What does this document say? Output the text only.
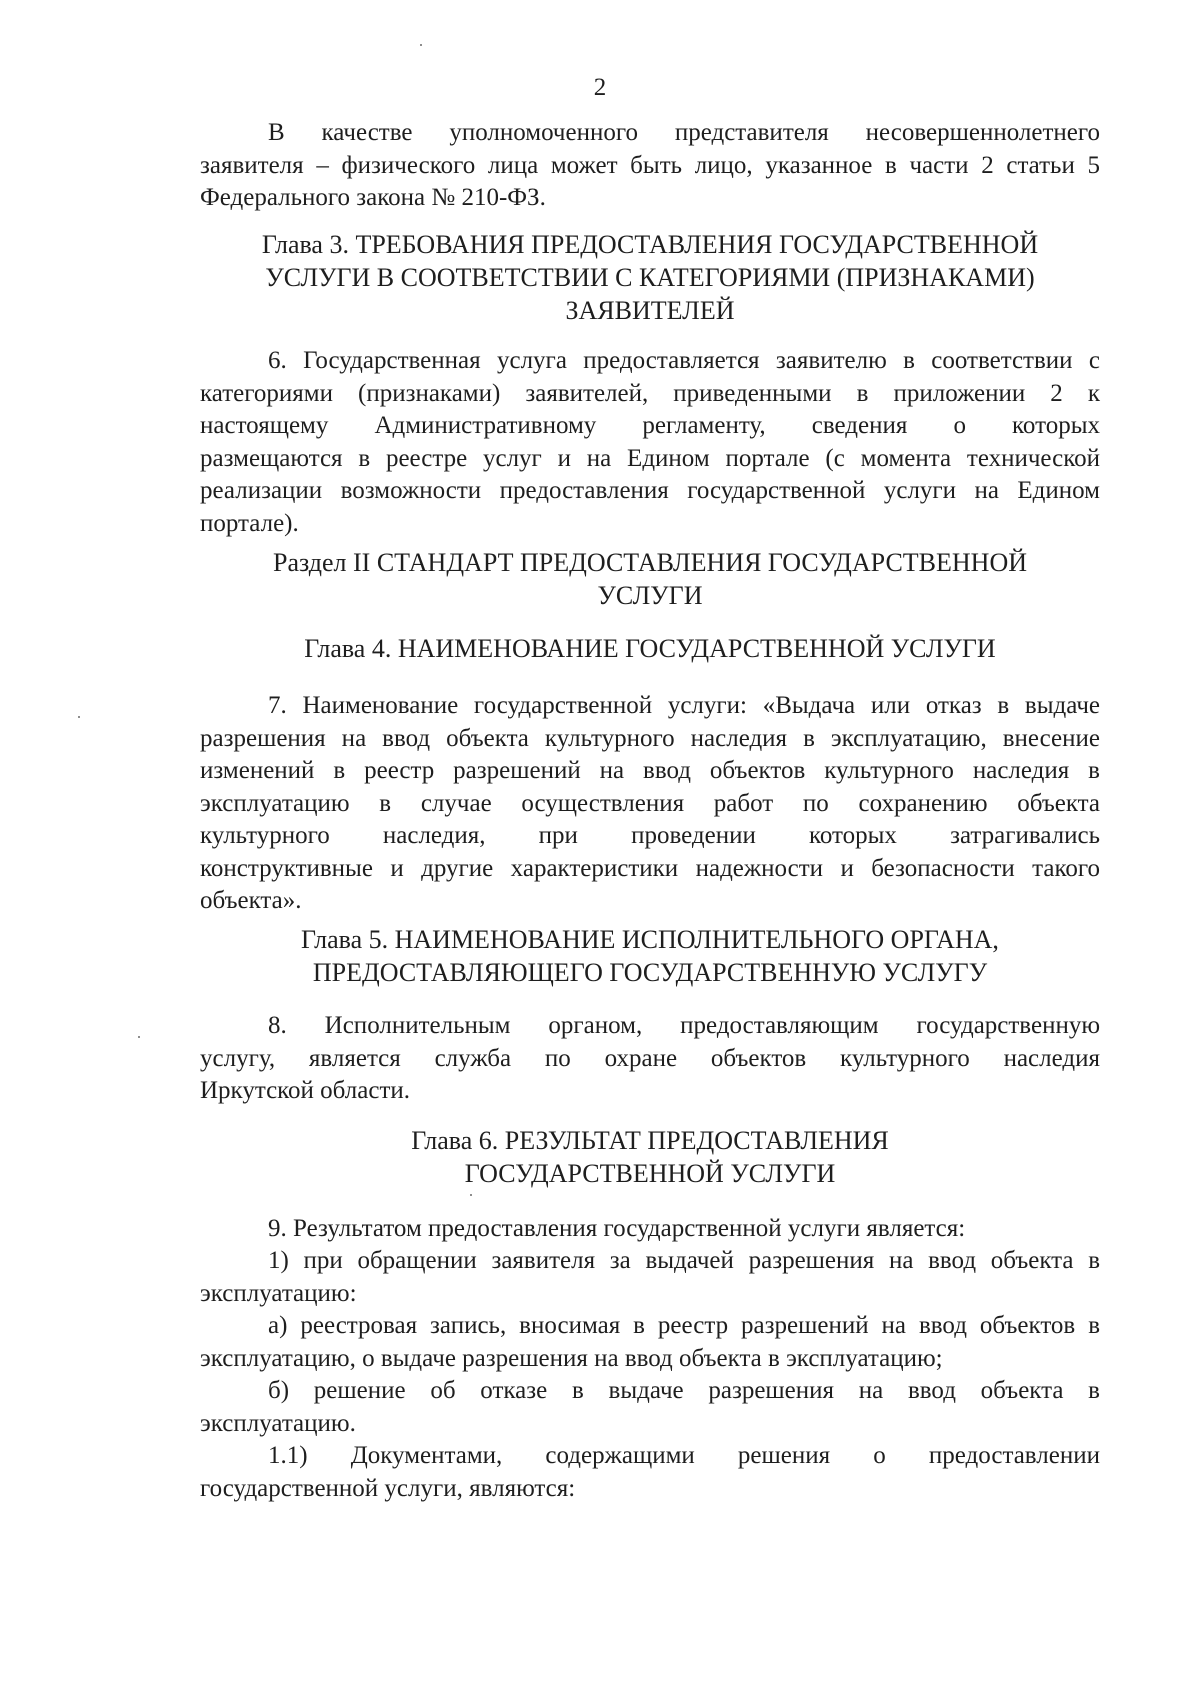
2
В качестве уполномоченного представителя несовершеннолетнего
заявителя – физического лица может быть лицо, указанное в части 2 статьи 5
Федерального закона № 210-ФЗ.
Глава 3. ТРЕБОВАНИЯ ПРЕДОСТАВЛЕНИЯ ГОСУДАРСТВЕННОЙ
УСЛУГИ В СООТВЕТСТВИИ С КАТЕГОРИЯМИ (ПРИЗНАКАМИ)
ЗАЯВИТЕЛЕЙ
6. Государственная услуга предоставляется заявителю в соответствии с
категориями (признаками) заявителей, приведенными в приложении 2 к
настоящему Административному регламенту, сведения о которых
размещаются в реестре услуг и на Едином портале (с момента технической
реализации возможности предоставления государственной услуги на Едином
портале).
Раздел II СТАНДАРТ ПРЕДОСТАВЛЕНИЯ ГОСУДАРСТВЕННОЙ
УСЛУГИ
Глава 4. НАИМЕНОВАНИЕ ГОСУДАРСТВЕННОЙ УСЛУГИ
7. Наименование государственной услуги: «Выдача или отказ в выдаче
разрешения на ввод объекта культурного наследия в эксплуатацию, внесение
изменений в реестр разрешений на ввод объектов культурного наследия в
эксплуатацию в случае осуществления работ по сохранению объекта
культурного наследия, при проведении которых затрагивались
конструктивные и другие характеристики надежности и безопасности такого
объекта».
Глава 5. НАИМЕНОВАНИЕ ИСПОЛНИТЕЛЬНОГО ОРГАНА,
ПРЕДОСТАВЛЯЮЩЕГО ГОСУДАРСТВЕННУЮ УСЛУГУ
8. Исполнительным органом, предоставляющим государственную
услугу, является служба по охране объектов культурного наследия
Иркутской области.
Глава 6. РЕЗУЛЬТАТ ПРЕДОСТАВЛЕНИЯ
ГОСУДАРСТВЕННОЙ УСЛУГИ
9. Результатом предоставления государственной услуги является:
1) при обращении заявителя за выдачей разрешения на ввод объекта в
эксплуатацию:
а) реестровая запись, вносимая в реестр разрешений на ввод объектов в
эксплуатацию, о выдаче разрешения на ввод объекта в эксплуатацию;
б) решение об отказе в выдаче разрешения на ввод объекта в
эксплуатацию.
1.1) Документами, содержащими решения о предоставлении
государственной услуги, являются:
